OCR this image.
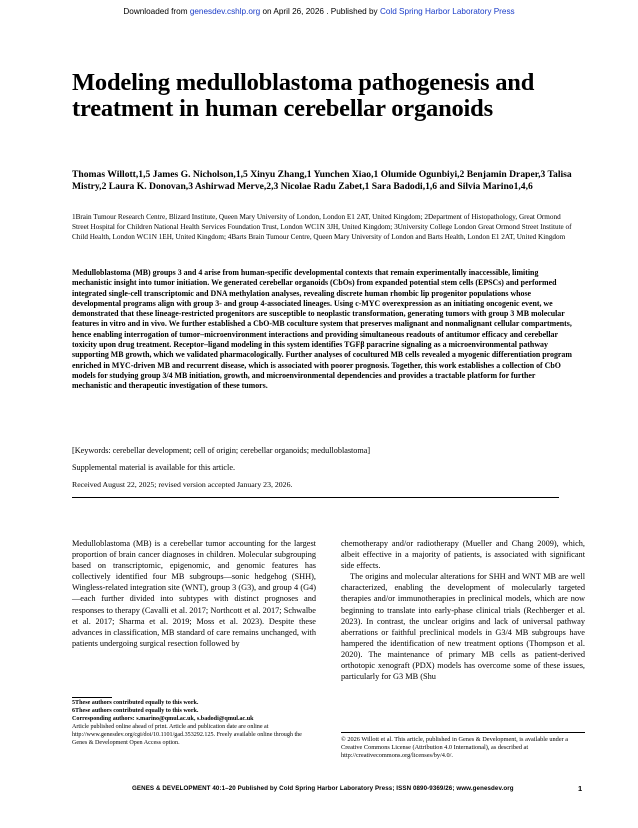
Downloaded from genesdev.cshlp.org on April 26, 2026 . Published by Cold Spring Harbor Laboratory Press
Modeling medulloblastoma pathogenesis and treatment in human cerebellar organoids
Thomas Willott,1,5 James G. Nicholson,1,5 Xinyu Zhang,1 Yunchen Xiao,1 Olumide Ogunbiyi,2 Benjamin Draper,3 Talisa Mistry,2 Laura K. Donovan,3 Ashirwad Merve,2,3 Nicolae Radu Zabet,1 Sara Badodi,1,6 and Silvia Marino1,4,6
1Brain Tumour Research Centre, Blizard Institute, Queen Mary University of London, London E1 2AT, United Kingdom; 2Department of Histopathology, Great Ormond Street Hospital for Children National Health Services Foundation Trust, London WC1N 3JH, United Kingdom; 3University College London Great Ormond Street Institute of Child Health, London WC1N 1EH, United Kingdom; 4Barts Brain Tumour Centre, Queen Mary University of London and Barts Health, London E1 2AT, United Kingdom
Medulloblastoma (MB) groups 3 and 4 arise from human-specific developmental contexts that remain experimentally inaccessible, limiting mechanistic insight into tumor initiation. We generated cerebellar organoids (CbOs) from expanded potential stem cells (EPSCs) and performed integrated single-cell transcriptomic and DNA methylation analyses, revealing discrete human rhombic lip progenitor populations whose developmental programs align with group 3- and group 4-associated lineages. Using c-MYC overexpression as an initiating oncogenic event, we demonstrated that these lineage-restricted progenitors are susceptible to neoplastic transformation, generating tumors with group 3 MB molecular features in vitro and in vivo. We further established a CbO-MB coculture system that preserves malignant and nonmalignant cellular compartments, hence enabling interrogation of tumor–microenvironment interactions and providing simultaneous readouts of antitumor efficacy and cerebellar toxicity upon drug treatment. Receptor–ligand modeling in this system identifies TGFβ paracrine signaling as a microenvironmental pathway supporting MB growth, which we validated pharmacologically. Further analyses of cocultured MB cells revealed a myogenic differentiation program enriched in MYC-driven MB and recurrent disease, which is associated with poorer prognosis. Together, this work establishes a collection of CbO models for studying group 3/4 MB initiation, growth, and microenvironmental dependencies and provides a tractable platform for further mechanistic and therapeutic investigation of these tumors.
[Keywords: cerebellar development; cell of origin; cerebellar organoids; medulloblastoma]
Supplemental material is available for this article.
Received August 22, 2025; revised version accepted January 23, 2026.
Medulloblastoma (MB) is a cerebellar tumor accounting for the largest proportion of brain cancer diagnoses in children. Molecular subgrouping based on transcriptomic, epigenomic, and genomic features has collectively identified four MB subgroups—sonic hedgehog (SHH), Wingless-related integration site (WNT), group 3 (G3), and group 4 (G4)—each further divided into subtypes with distinct prognoses and responses to therapy (Cavalli et al. 2017; Northcott et al. 2017; Schwalbe et al. 2017; Sharma et al. 2019; Moss et al. 2023). Despite these advances in classification, MB standard of care remains unchanged, with patients undergoing surgical resection followed by
chemotherapy and/or radiotherapy (Mueller and Chang 2009), which, albeit effective in a majority of patients, is associated with significant side effects.
The origins and molecular alterations for SHH and WNT MB are well characterized, enabling the development of molecularly targeted therapies and/or immunotherapies in preclinical models, which are now beginning to translate into early-phase clinical trials (Rechberger et al. 2023). In contrast, the unclear origins and lack of universal pathway aberrations or faithful preclinical models in G3/4 MB subgroups have hampered the identification of new treatment options (Thompson et al. 2020). The maintenance of primary MB cells as patient-derived orthotopic xenograft (PDX) models has overcome some of these issues, particularly for G3 MB (Shu
5These authors contributed equally to this work.
6These authors contributed equally to this work.
Corresponding authors: s.marino@qmul.ac.uk, s.badodi@qmul.ac.uk
Article published online ahead of print. Article and publication date are online at http://www.genesdev.org/cgi/doi/10.1101/gad.353292.125. Freely available online through the Genes & Development Open Access option.	© 2026 Willott et al. This article, published in Genes & Development, is available under a Creative Commons License (Attribution 4.0 International), as described at http://creativecommons.org/licenses/by/4.0/.
GENES & DEVELOPMENT 40:1–20 Published by Cold Spring Harbor Laboratory Press; ISSN 0890-9369/26; www.genesdev.org	1
